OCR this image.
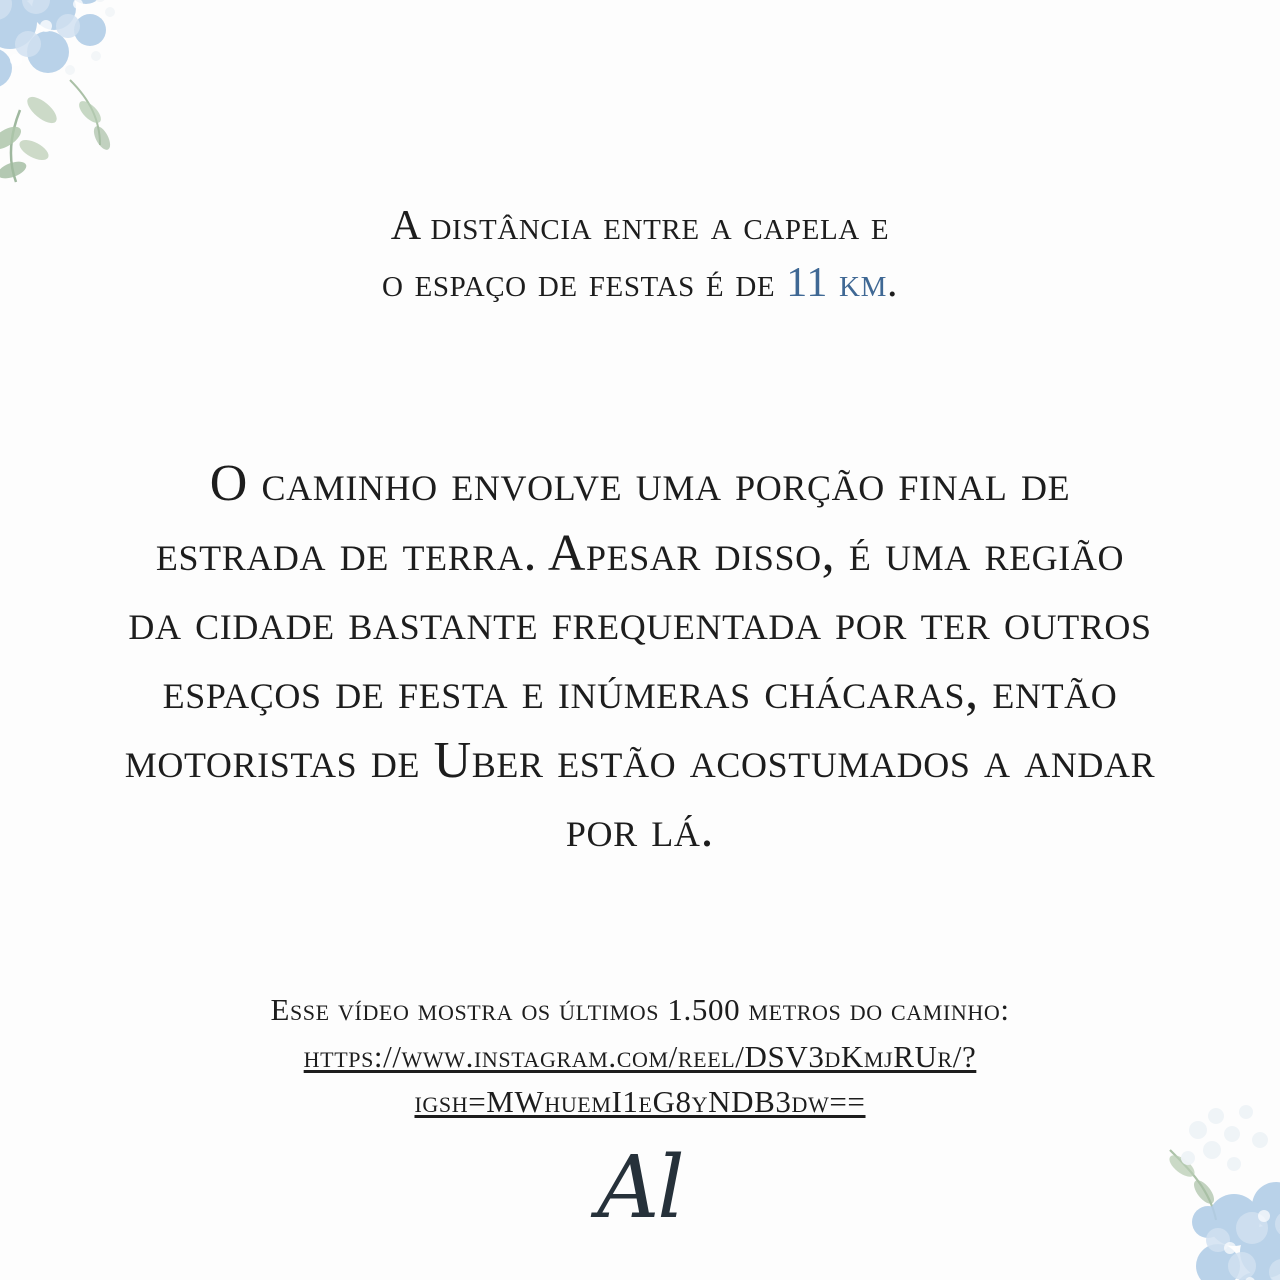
A distância entre a capela e
o espaço de festas é de 11 km.

O caminho envolve uma porção final de estrada de terra. Apesar disso, é uma região da cidade bastante frequentada por ter outros espaços de festa e inúmeras chácaras, então motoristas de Uber estão acostumados a andar por lá.

Esse vídeo mostra os últimos 1.500 metros do caminho:
https://www.instagram.com/reel/DSV3dKmjRUr/?
igsh=MWhuemI1eG8yNDB3dw==
Al
